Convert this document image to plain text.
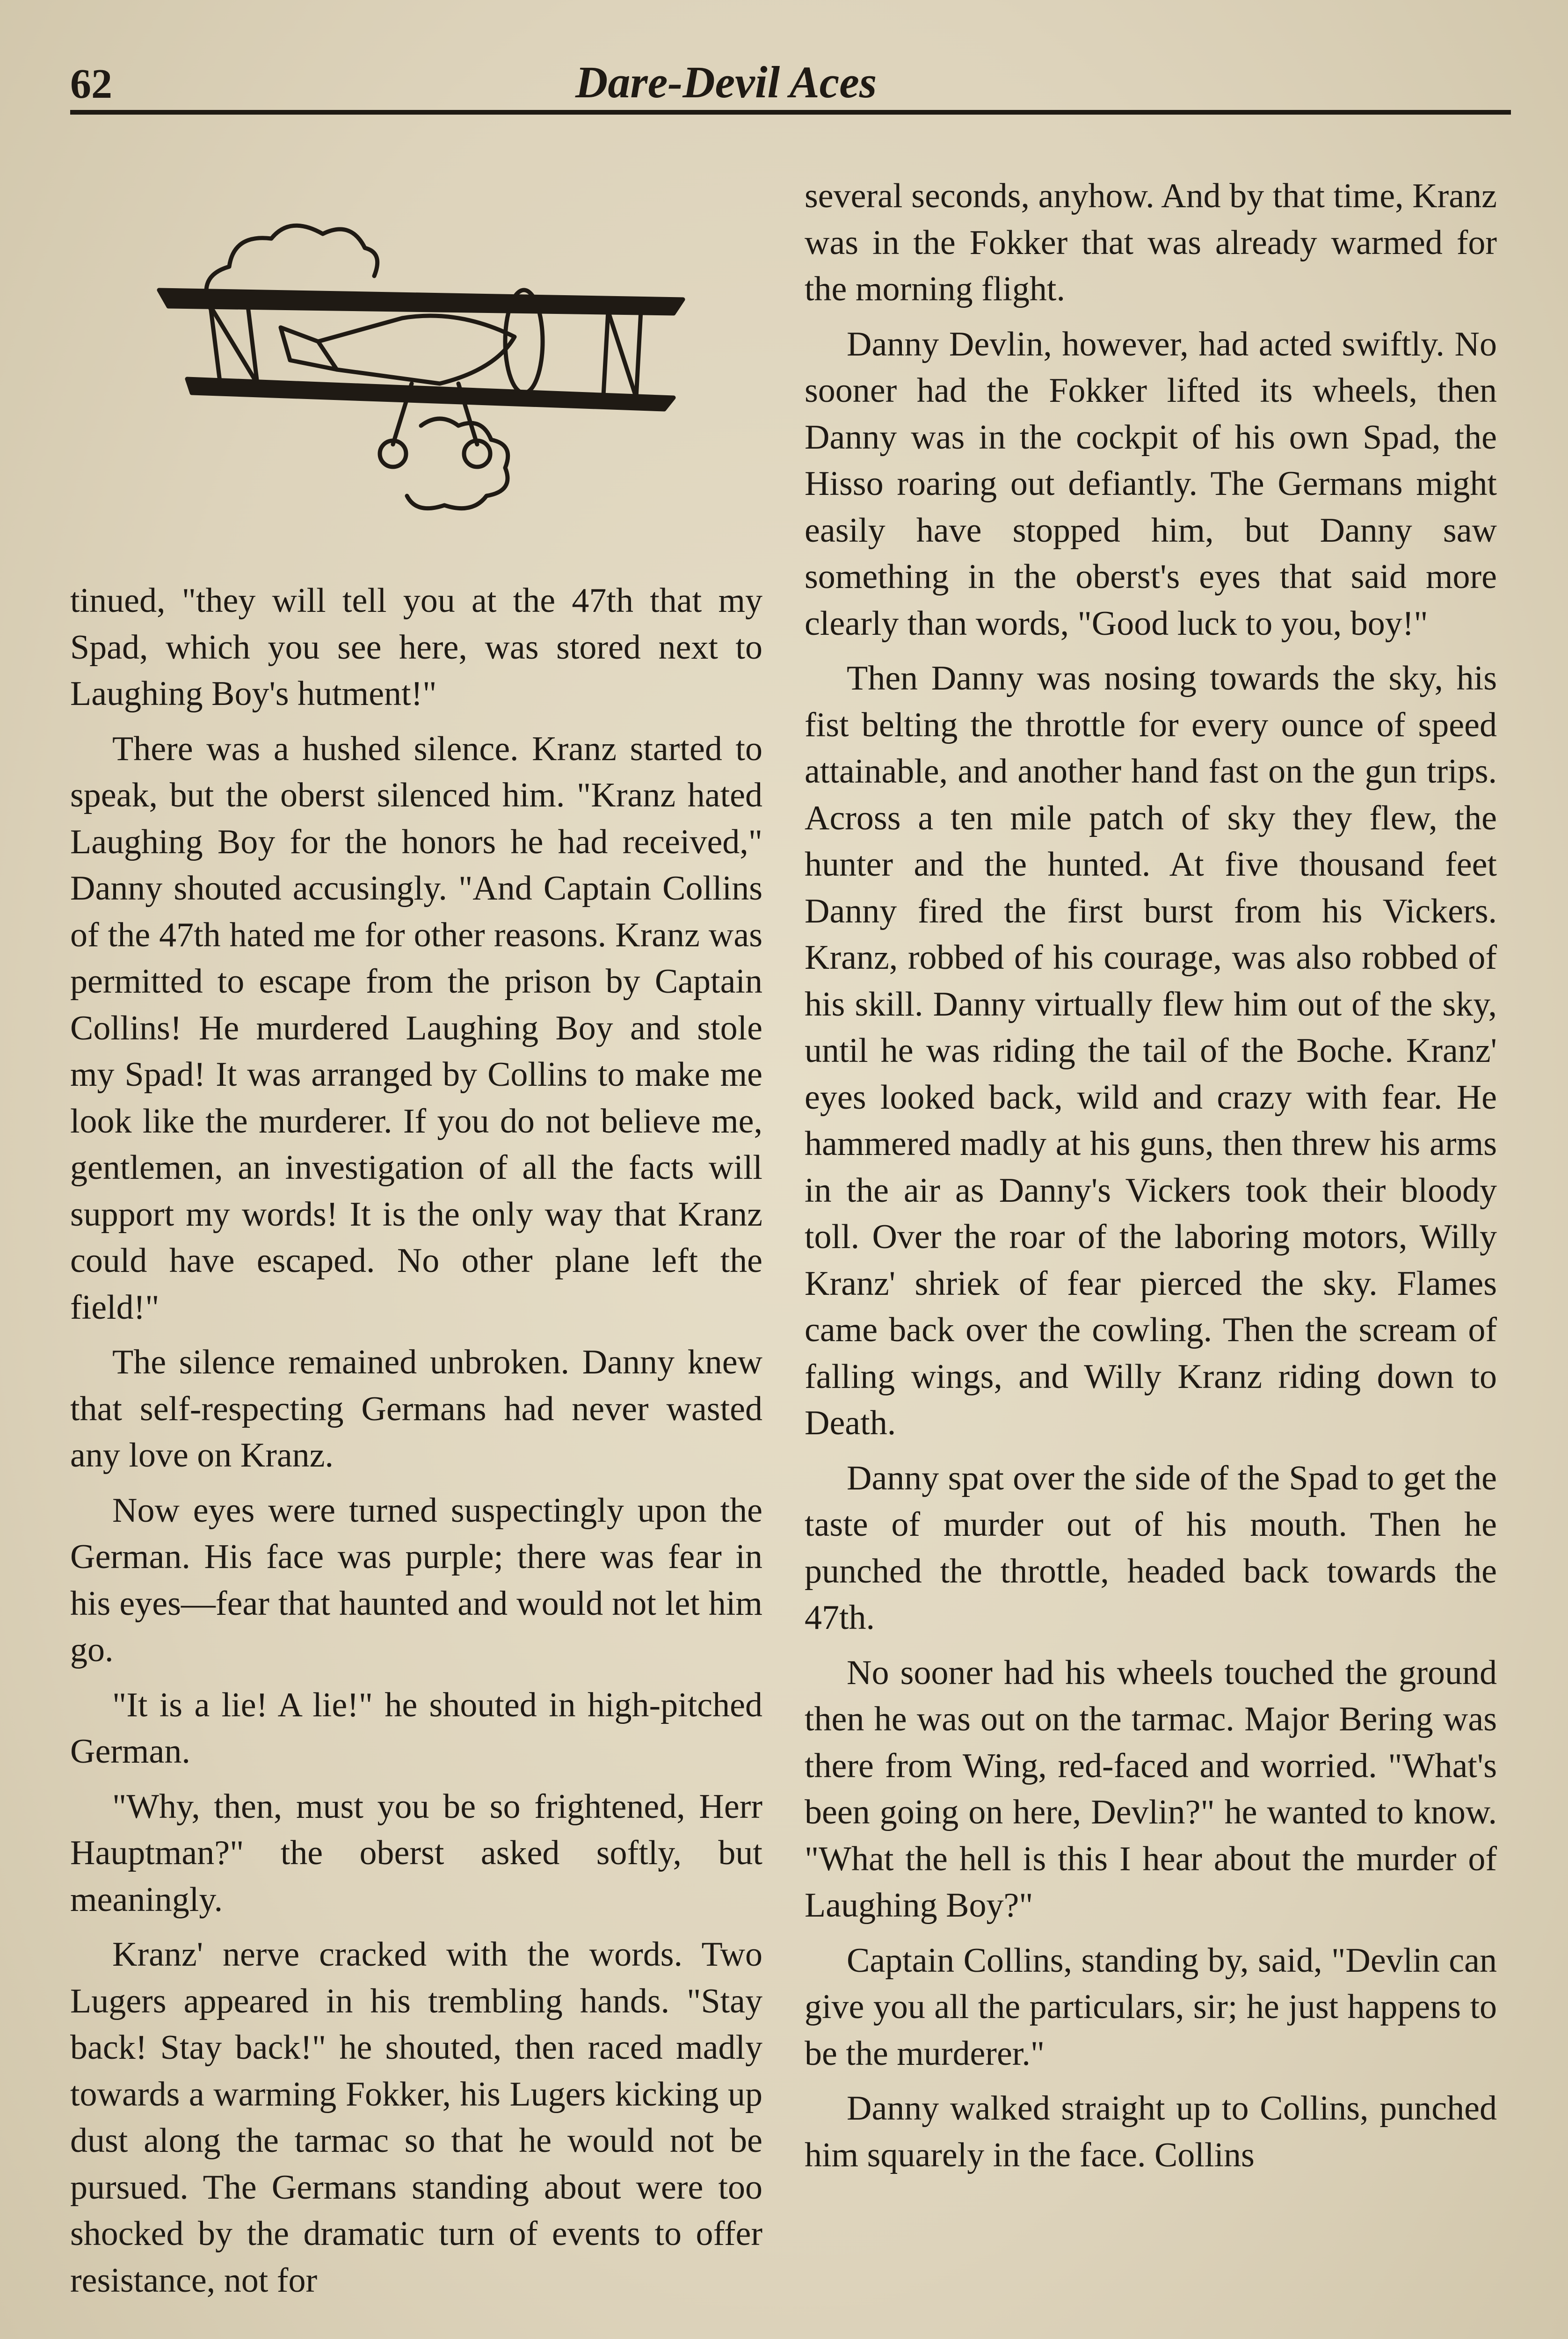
62	Dare-Devil Aces

tinued, "they will tell you at the 47th that my Spad, which you see here, was stored next to Laughing Boy's hutment!"

There was a hushed silence. Kranz started to speak, but the oberst silenced him. "Kranz hated Laughing Boy for the honors he had received," Danny shouted accusingly. "And Captain Collins of the 47th hated me for other reasons. Kranz was permitted to escape from the prison by Captain Collins! He murdered Laughing Boy and stole my Spad! It was arranged by Collins to make me look like the murderer. If you do not believe me, gentlemen, an investigation of all the facts will support my words! It is the only way that Kranz could have escaped. No other plane left the field!"

The silence remained unbroken. Danny knew that self-respecting Germans had never wasted any love on Kranz.

Now eyes were turned suspectingly upon the German. His face was purple; there was fear in his eyes—fear that haunted and would not let him go.

"It is a lie! A lie!" he shouted in high-pitched German.

"Why, then, must you be so frightened, Herr Hauptman?" the oberst asked softly, but meaningly.

Kranz' nerve cracked with the words. Two Lugers appeared in his trembling hands. "Stay back! Stay back!" he shouted, then raced madly towards a warming Fokker, his Lugers kicking up dust along the tarmac so that he would not be pursued. The Germans standing about were too shocked by the dramatic turn of events to offer resistance, not for

several seconds, anyhow. And by that time, Kranz was in the Fokker that was already warmed for the morning flight.

Danny Devlin, however, had acted swiftly. No sooner had the Fokker lifted its wheels, then Danny was in the cockpit of his own Spad, the Hisso roaring out defiantly. The Germans might easily have stopped him, but Danny saw something in the oberst's eyes that said more clearly than words, "Good luck to you, boy!"

Then Danny was nosing towards the sky, his fist belting the throttle for every ounce of speed attainable, and another hand fast on the gun trips. Across a ten mile patch of sky they flew, the hunter and the hunted. At five thousand feet Danny fired the first burst from his Vickers. Kranz, robbed of his courage, was also robbed of his skill. Danny virtually flew him out of the sky, until he was riding the tail of the Boche. Kranz' eyes looked back, wild and crazy with fear. He hammered madly at his guns, then threw his arms in the air as Danny's Vickers took their bloody toll. Over the roar of the laboring motors, Willy Kranz' shriek of fear pierced the sky. Flames came back over the cowling. Then the scream of falling wings, and Willy Kranz riding down to Death.

Danny spat over the side of the Spad to get the taste of murder out of his mouth. Then he punched the throttle, headed back towards the 47th.

No sooner had his wheels touched the ground then he was out on the tarmac. Major Bering was there from Wing, red-faced and worried. "What's been going on here, Devlin?" he wanted to know. "What the hell is this I hear about the murder of Laughing Boy?"

Captain Collins, standing by, said, "Devlin can give you all the particulars, sir; he just happens to be the murderer."

Danny walked straight up to Collins, punched him squarely in the face. Collins
